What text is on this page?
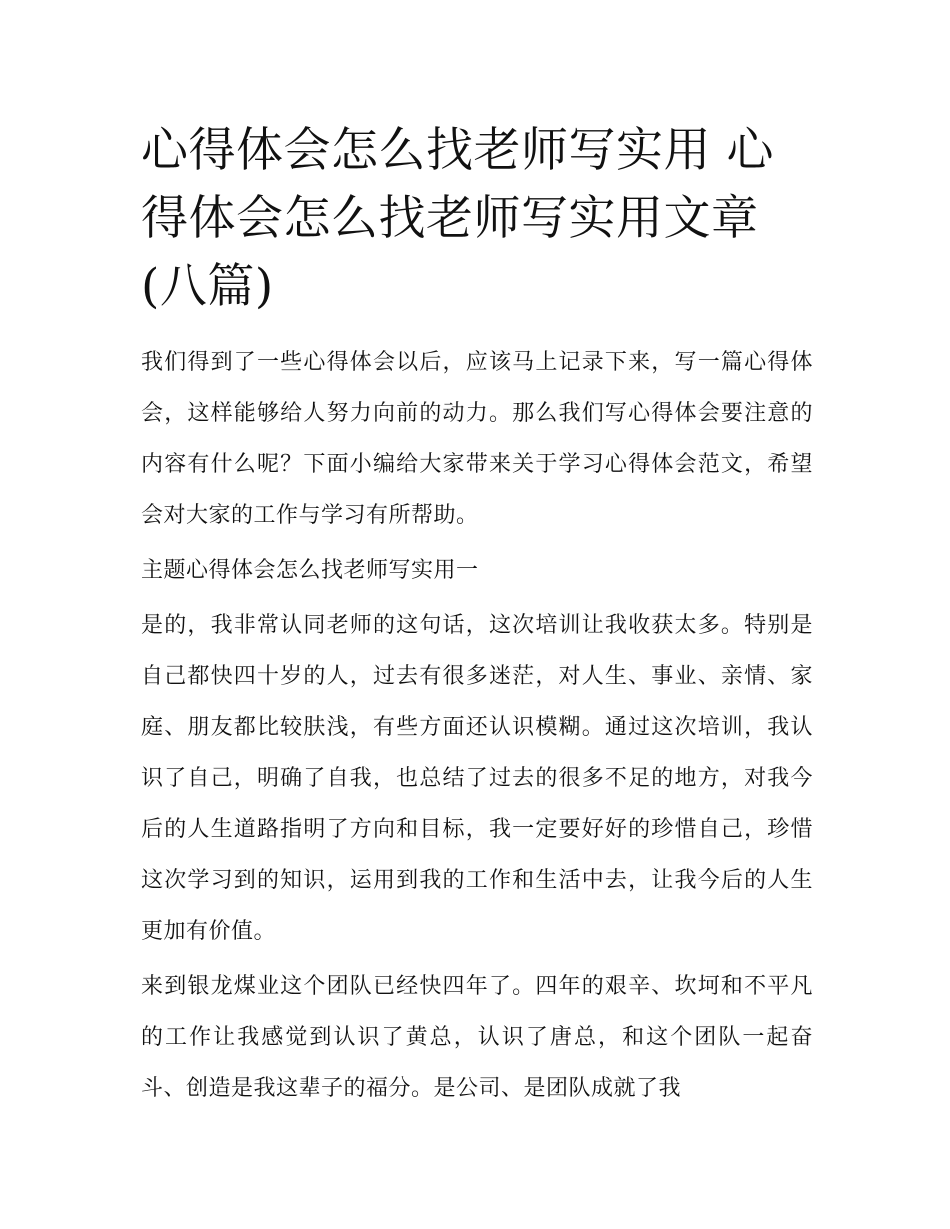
心得体会怎么找老师写实用 心得体会怎么找老师写实用文章(八篇)

我们得到了一些心得体会以后，应该马上记录下来，写一篇心得体会，这样能够给人努力向前的动力。那么我们写心得体会要注意的内容有什么呢？下面小编给大家带来关于学习心得体会范文，希望会对大家的工作与学习有所帮助。

主题心得体会怎么找老师写实用一

是的，我非常认同老师的这句话，这次培训让我收获太多。特别是自己都快四十岁的人，过去有很多迷茫，对人生、事业、亲情、家庭、朋友都比较肤浅，有些方面还认识模糊。通过这次培训，我认识了自己，明确了自我，也总结了过去的很多不足的地方，对我今后的人生道路指明了方向和目标，我一定要好好的珍惜自己，珍惜这次学习到的知识，运用到我的工作和生活中去，让我今后的人生更加有价值。

来到银龙煤业这个团队已经快四年了。四年的艰辛、坎坷和不平凡的工作让我感觉到认识了黄总，认识了唐总，和这个团队一起奋斗、创造是我这辈子的福分。是公司、是团队成就了我
